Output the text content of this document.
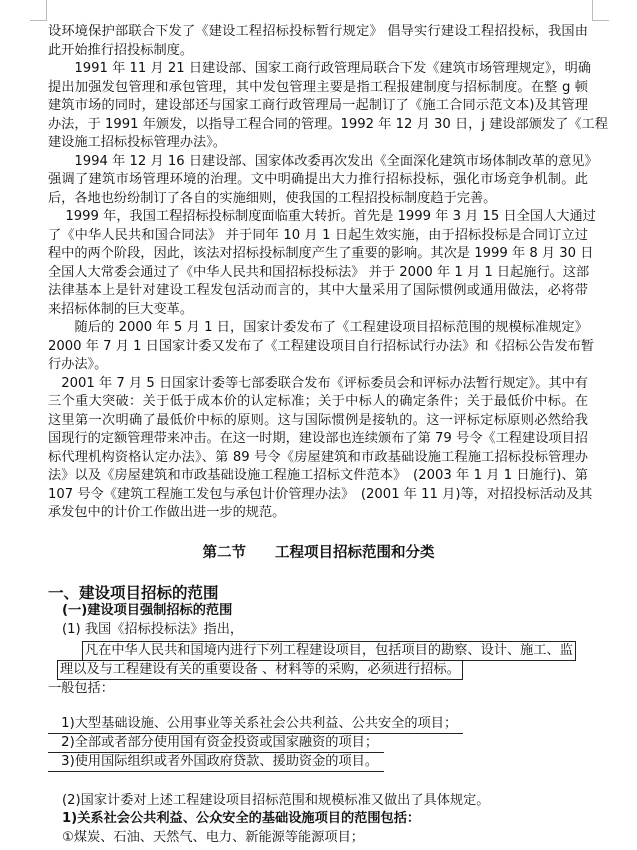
设环境保护部联合下发了《建设工程招标投标暂行规定》 倡导实行建设工程招投标，我国由
此开始推行招投标制度。
　　1991 年 11 月 21 日建设部、国家工商行政管理局联合下发《建筑市场管理规定》，明确
提出加强发包管理和承包管理，其中发包管理主要是指工程报建制度与招标制度。在整 g 顿
建筑市场的同时，建设部还与国家工商行政管理局一起制订了《施工合同示范文本)及其管理
办法，于 1991 年颁发，以指导工程合同的管理。1992 年 12 月 30 日，j 建设部颁发了《工程
建设施工招标投标管理办法》。
　　1994 年 12 月 16 日建设部、国家体改委再次发出《全面深化建筑市场体制改革的意见》
强调了建筑市场管理环境的治理。文中明确提出大力推行招标投标，强化市场竞争机制。此
后，各地也纷纷制订了各自的实施细则，使我国的工程招投标制度趋于完善。
　 1999 年，我国工程招标投标制度面临重大转折。首先是 1999 年 3 月 15 日全国人大通过
了《中华人民共和国合同法》 并于同年 10 月 1 日起生效实施，由于招标投标是合同订立过
程中的两个阶段，因此，该法对招标投标制度产生了重要的影响。其次是 1999 年 8 月 30 日
全国人大常委会通过了《中华人民共和国招标投标法》 并于 2000 年 1 月 1 日起施行。这部
法律基本上是针对建设工程发包活动而言的，其中大量采用了国际惯例或通用做法，必将带
来招标体制的巨大变革。
　　随后的 2000 年 5 月 1 日，国家计委发布了《工程建设项目招标范围的规模标准规定》
2000 年 7 月 1 日国家计委又发布了《工程建设项目自行招标试行办法》和《招标公告发布暂
行办法》。
　2001 年 7 月 5 日国家计委等七部委联合发布《评标委员会和评标办法暂行规定》。其中有
三个重大突破：关于低于成本价的认定标准；关于中标人的确定条件；关于最低价中标。在
这里第一次明确了最低价中标的原则。这与国际惯例是接轨的。这一评标定标原则必然给我
国现行的定额管理带来冲击。在这一时期，建设部也连续颁布了第 79 号令《工程建设项目招
标代理机构资格认定办法》、第 89 号令《房屋建筑和市政基础设施工程施工招标投标管理办
法》以及《房屋建筑和市政基础设施工程施工招标文件范本》　(2003 年 1 月 1 日施行)、第
107 号令《建筑工程施工发包与承包计价管理办法》　(2001 年 11 月)等，对招投标活动及其
承发包中的计价工作做出进一步的规范。
第二节　　工程项目招标范围和分类
一、建设项目招标的范围
(一)建设项目强制招标的范围
(1) 我国《招标投标法》指出，
凡在中华人民共和国境内进行下列工程建设项目，包括项目的勘察、设计、施工、监
理以及与工程建设有关的重要设备 、材料等的采购，必须进行招标。
一般包括：
　1)大型基础设施、公用事业等关系社会公共利益、公共安全的项目；
　2)全部或者部分使用国有资金投资或国家融资的项目；
　3)使用国际组织或者外国政府贷款、援助资金的项目。
(2)国家计委对上述工程建设项目招标范围和规模标准又做出了具体规定。
1)关系社会公共利益、公众安全的基础设施项目的范围包括：
①煤炭、石油、天然气、电力、新能源等能源项目；
